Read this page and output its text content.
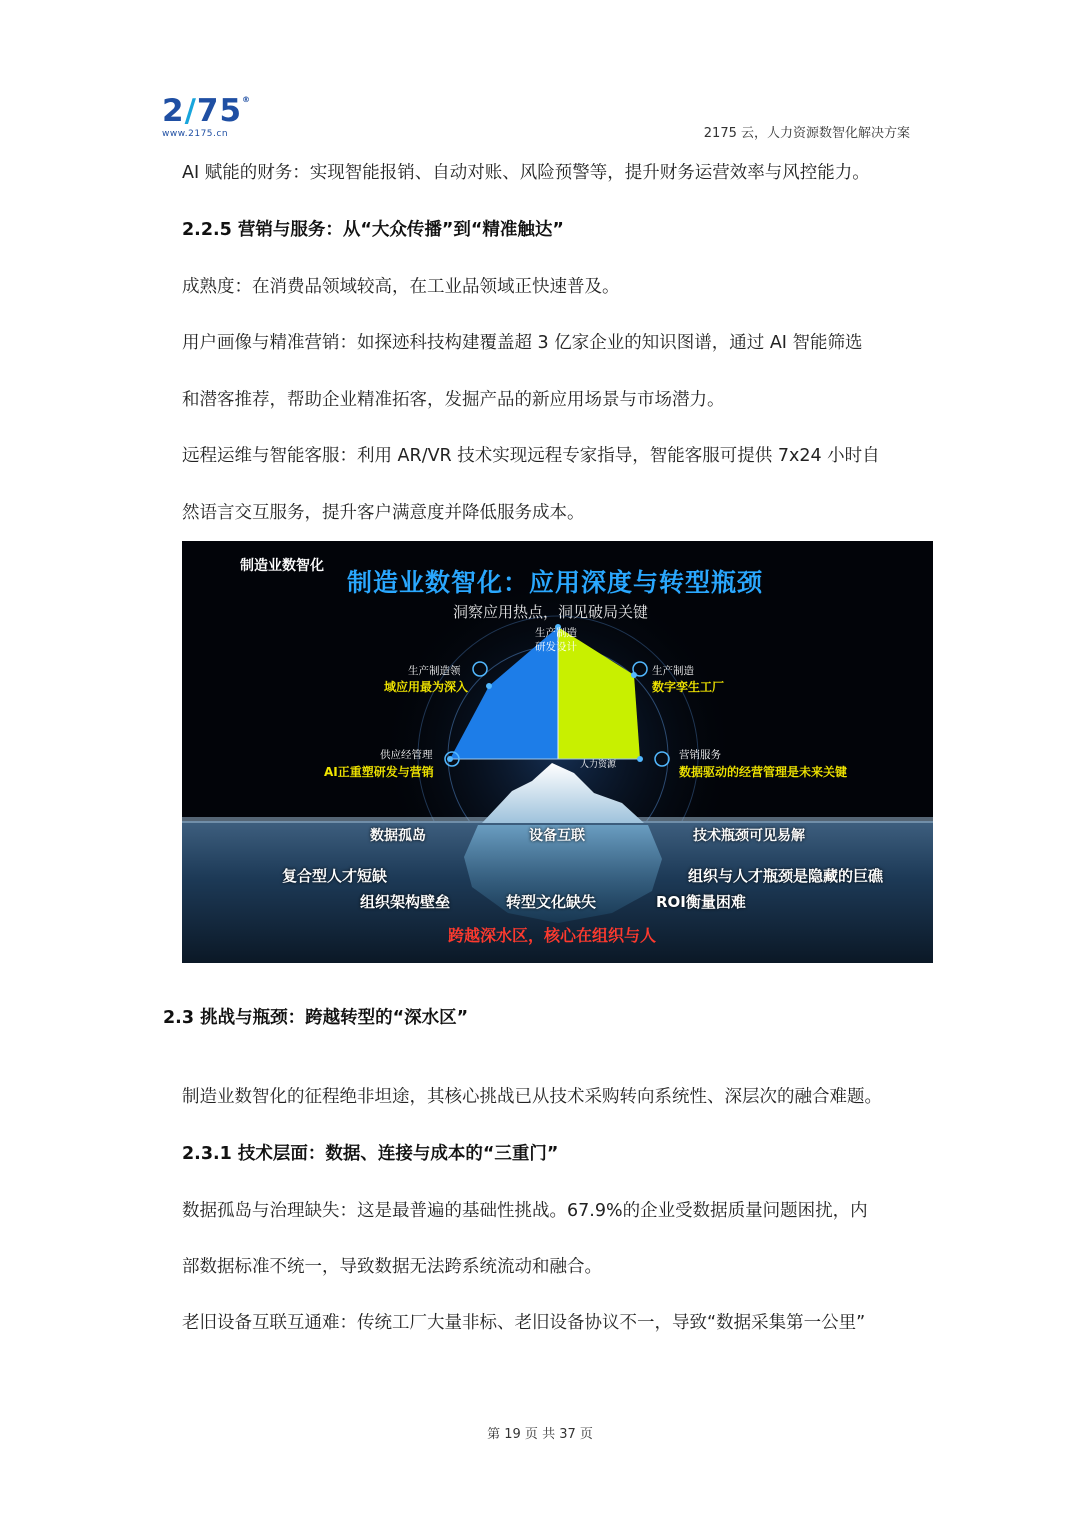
2/75®
www.2175.cn	2175 云，人力资源数智化解决方案
AI 赋能的财务：实现智能报销、自动对账、风险预警等，提升财务运营效率与风控能力。
2.2.5 营销与服务：从“大众传播”到“精准触达”
成熟度：在消费品领域较高，在工业品领域正快速普及。
用户画像与精准营销：如探迹科技构建覆盖超 3 亿家企业的知识图谱，通过 AI 智能筛选
和潜客推荐，帮助企业精准拓客，发掘产品的新应用场景与市场潜力。
远程运维与智能客服：利用 AR/VR 技术实现远程专家指导，智能客服可提供 7x24 小时自
然语言交互服务，提升客户满意度并降低服务成本。
制造业数智化
制造业数智化：应用深度与转型瓶颈
洞察应用热点，洞见破局关键
生产制造
研发设计
生产制造领
域应用最为深入
生产制造
数字孪生工厂
供应经管理
AI正重塑研发与营销
营销服务
数据驱动的经营管理是未来关键
人力资源
数据孤岛	设备互联	技术瓶颈可见易解
复合型人才短缺
组织架构壁垒	转型文化缺失	ROI衡量困难
组织与人才瓶颈是隐藏的巨礁
跨越深水区，核心在组织与人
2.3 挑战与瓶颈：跨越转型的“深水区”
制造业数智化的征程绝非坦途，其核心挑战已从技术采购转向系统性、深层次的融合难题。
2.3.1 技术层面：数据、连接与成本的“三重门”
数据孤岛与治理缺失：这是最普遍的基础性挑战。67.9%的企业受数据质量问题困扰，内
部数据标准不统一，导致数据无法跨系统流动和融合。
老旧设备互联互通难：传统工厂大量非标、老旧设备协议不一，导致“数据采集第一公里”
第 19 页 共 37 页
